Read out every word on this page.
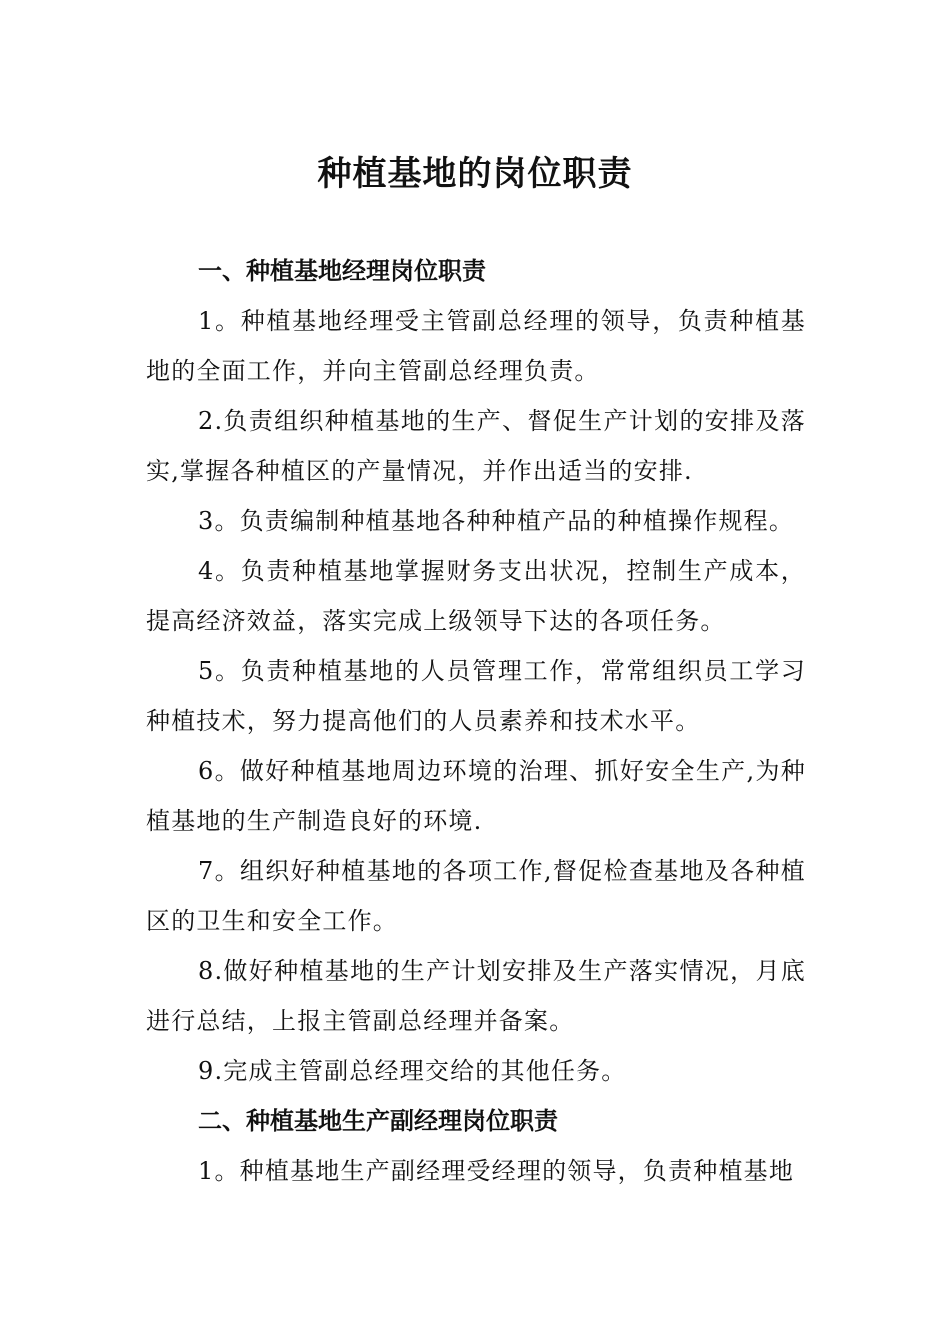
种植基地的岗位职责

一、种植基地经理岗位职责

1。种植基地经理受主管副总经理的领导，负责种植基地的全面工作，并向主管副总经理负责。

2.负责组织种植基地的生产、督促生产计划的安排及落实,掌握各种植区的产量情况，并作出适当的安排.

3。负责编制种植基地各种种植产品的种植操作规程。

4。负责种植基地掌握财务支出状况，控制生产成本，提高经济效益，落实完成上级领导下达的各项任务。

5。负责种植基地的人员管理工作，常常组织员工学习种植技术，努力提高他们的人员素养和技术水平。

6。做好种植基地周边环境的治理、抓好安全生产,为种植基地的生产制造良好的环境.

7。组织好种植基地的各项工作,督促检查基地及各种植区的卫生和安全工作。

8.做好种植基地的生产计划安排及生产落实情况，月底进行总结，上报主管副总经理并备案。

9.完成主管副总经理交给的其他任务。

二、种植基地生产副经理岗位职责

1。种植基地生产副经理受经理的领导，负责种植基地
